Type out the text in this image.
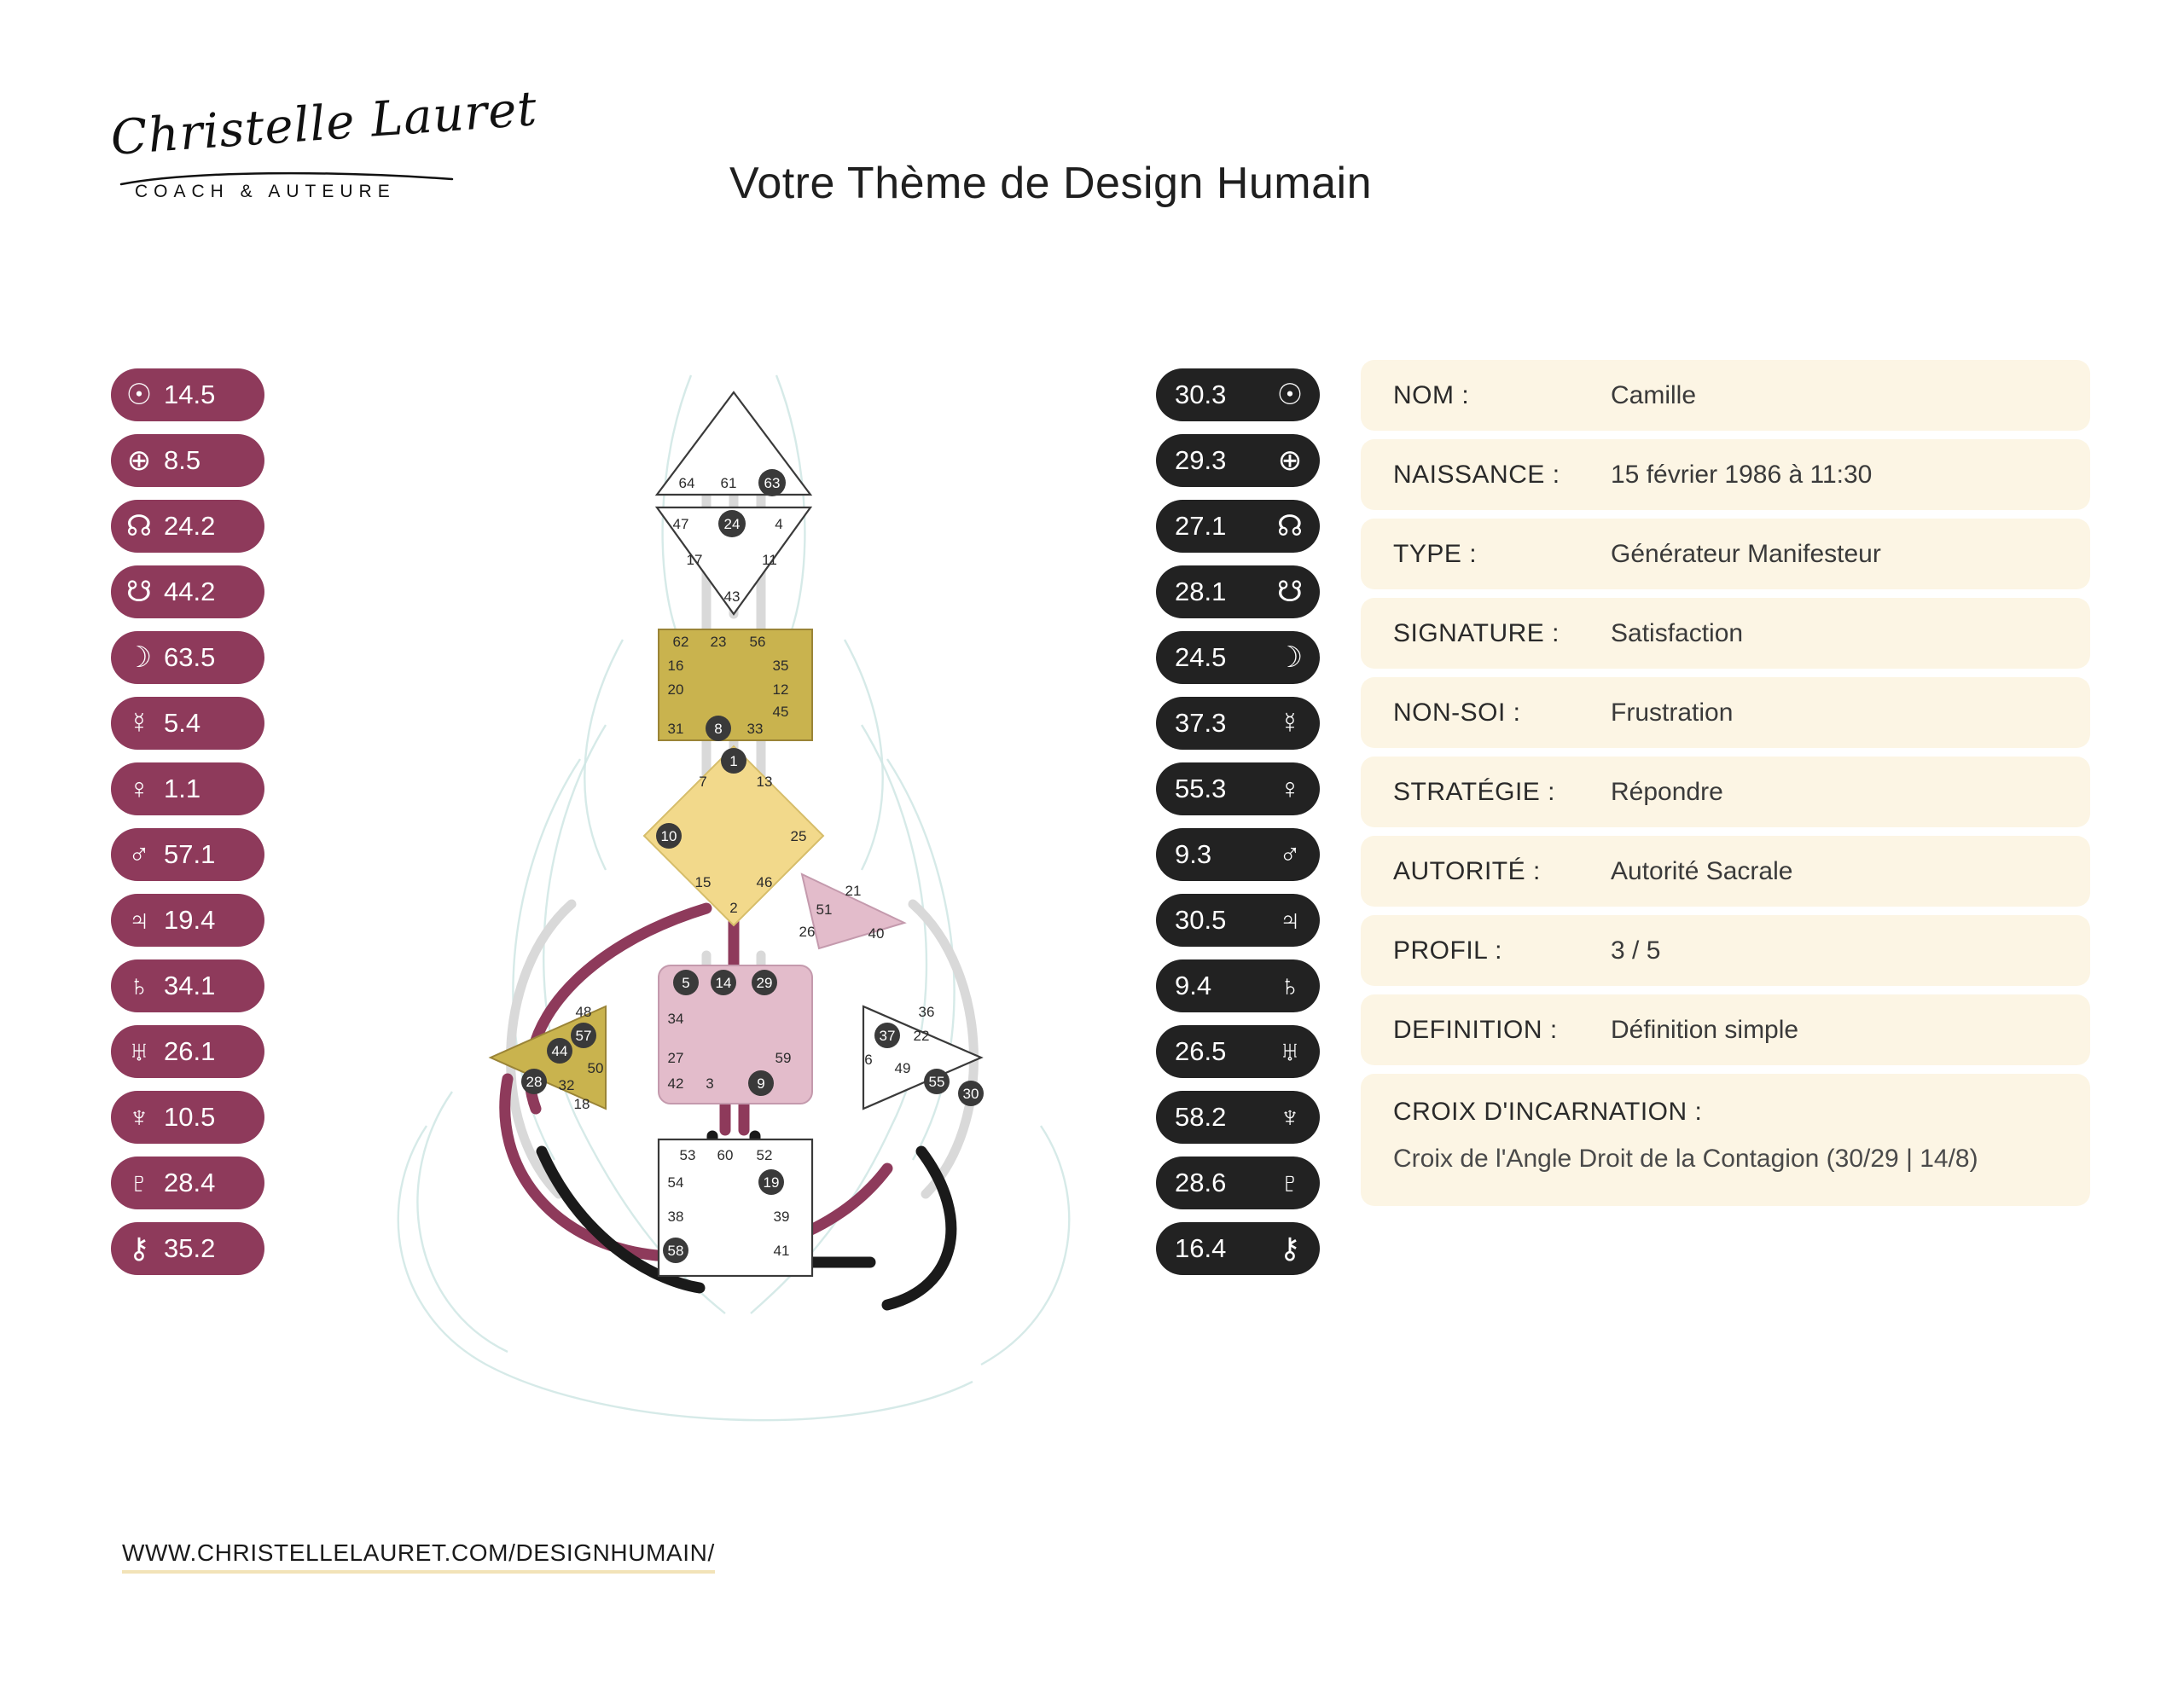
Christelle Lauret
COACH & AUTEURE	Votre Thème de Design Humain
☉ 14.5
⊕ 8.5
☊ 24.2
☋ 44.2
☽ 63.5
☿ 5.4
♀ 1.1
♂ 57.1
♃ 19.4
♄ 34.1
♅ 26.1
♆ 10.5
♇ 28.4
⚷ 35.2
30.3 ☉
29.3 ⊕
27.1 ☊
28.1 ☋
24.5 ☽
37.3 ☿
55.3 ♀
9.3 ♂
30.5 ♃
9.4 ♄
26.5 ♅
58.2 ♆
28.6 ♇
16.4 ⚷
NOM :	Camille
NAISSANCE :	15 février 1986 à 11:30
TYPE :	Générateur Manifesteur
SIGNATURE :	Satisfaction
NON-SOI :	Frustration
STRATÉGIE :	Répondre
AUTORITÉ :	Autorité Sacrale
PROFIL :	3 / 5
DEFINITION :	Définition simple
CROIX D'INCARNATION :
Croix de l'Angle Droit de la Contagion (30/29 | 14/8)
WWW.CHRISTELLELAURET.COM/DESIGNHUMAIN/
64 61 63
47 24 4
17	11
43
62 23 56
16	35
20	12
45
31 8 33
1
7	13
10	25
15	46
2
21
51
26	40
5 14 29
34
27	59
42 3	9
48
57
44
50
32
28
18
36
37 22
6
49
55
30
53 60 52
54	19
38	39
58	41
